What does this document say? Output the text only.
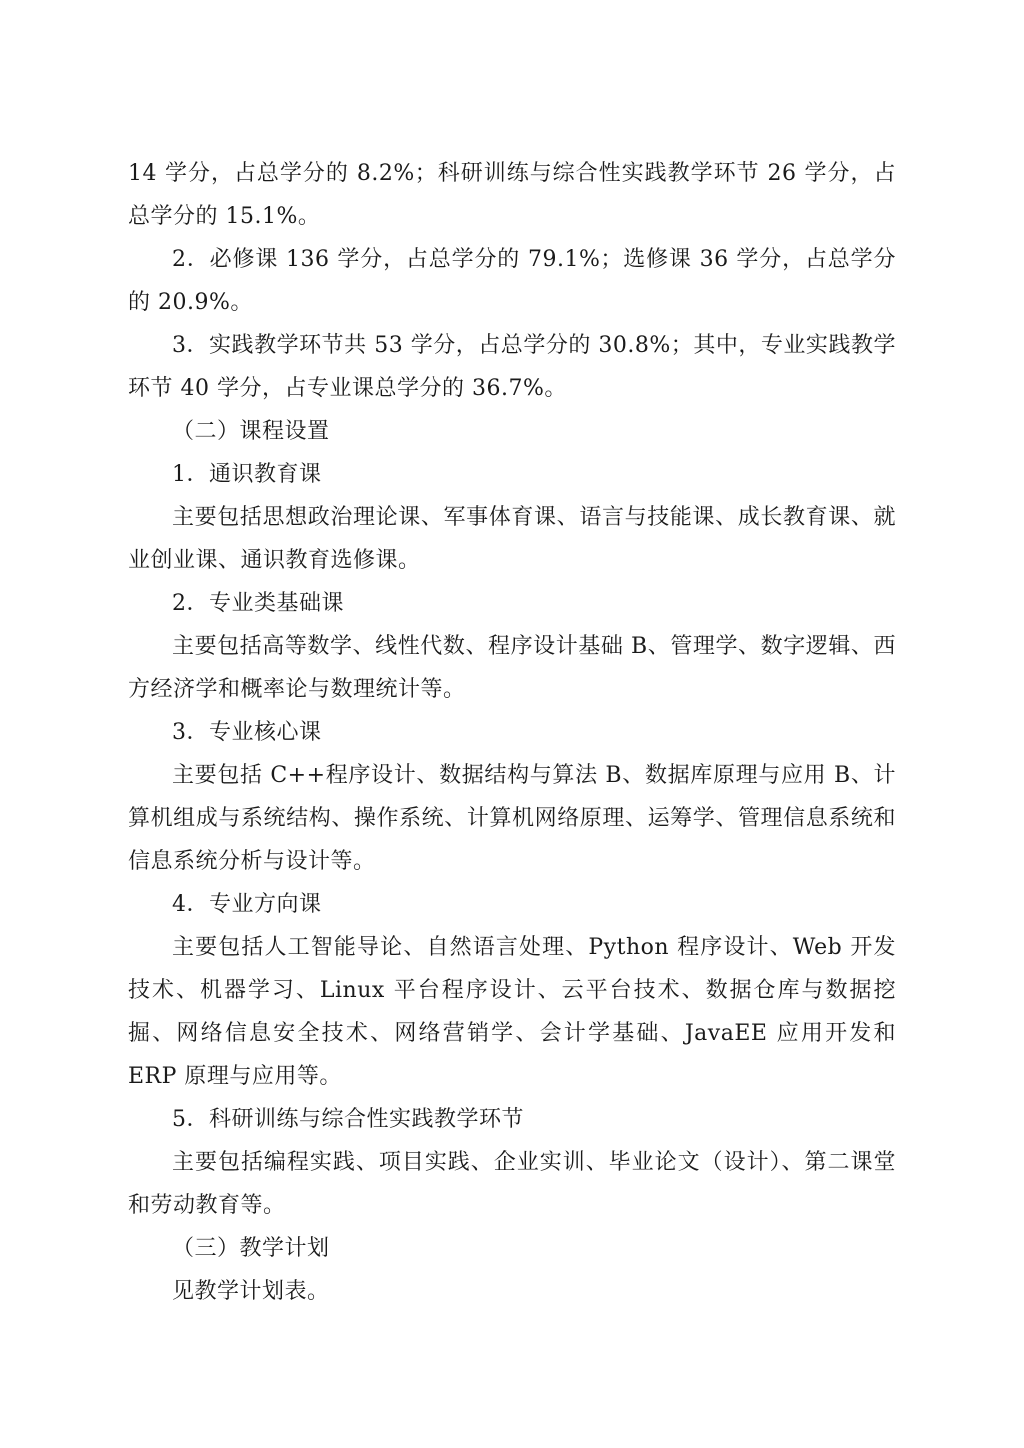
14 学分，占总学分的 8.2%；科研训练与综合性实践教学环节 26 学分，占总学分的 15.1%。

2．必修课 136 学分，占总学分的 79.1%；选修课 36 学分，占总学分的 20.9%。

3．实践教学环节共 53 学分，占总学分的 30.8%；其中，专业实践教学环节 40 学分，占专业课总学分的 36.7%。

（二）课程设置

1．通识教育课

主要包括思想政治理论课、军事体育课、语言与技能课、成长教育课、就业创业课、通识教育选修课。

2．专业类基础课

主要包括高等数学、线性代数、程序设计基础 B、管理学、数字逻辑、西方经济学和概率论与数理统计等。

3．专业核心课

主要包括 C++程序设计、数据结构与算法 B、数据库原理与应用 B、计算机组成与系统结构、操作系统、计算机网络原理、运筹学、管理信息系统和信息系统分析与设计等。

4．专业方向课

主要包括人工智能导论、自然语言处理、Python 程序设计、Web 开发技术、机器学习、Linux 平台程序设计、云平台技术、数据仓库与数据挖掘、网络信息安全技术、网络营销学、会计学基础、JavaEE 应用开发和 ERP 原理与应用等。

5．科研训练与综合性实践教学环节

主要包括编程实践、项目实践、企业实训、毕业论文（设计）、第二课堂和劳动教育等。

（三）教学计划

见教学计划表。
